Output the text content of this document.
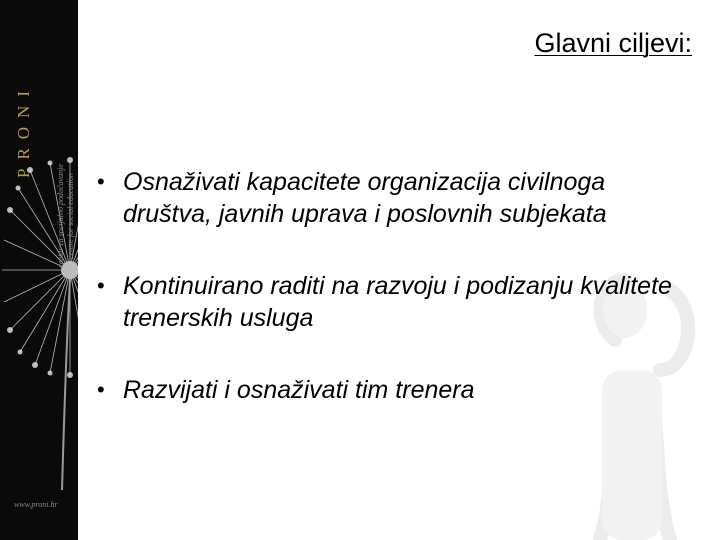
PRONI
centar za socijalno podučavanje centre for social education
www.proni.hr
Glavni ciljevi:
• Osnaživati kapacitete organizacija civilnoga društva, javnih uprava i poslovnih subjekata
• Kontinuirano raditi na razvoju i podizanju kvalitete trenerskih usluga
• Razvijati i osnaživati tim trenera
